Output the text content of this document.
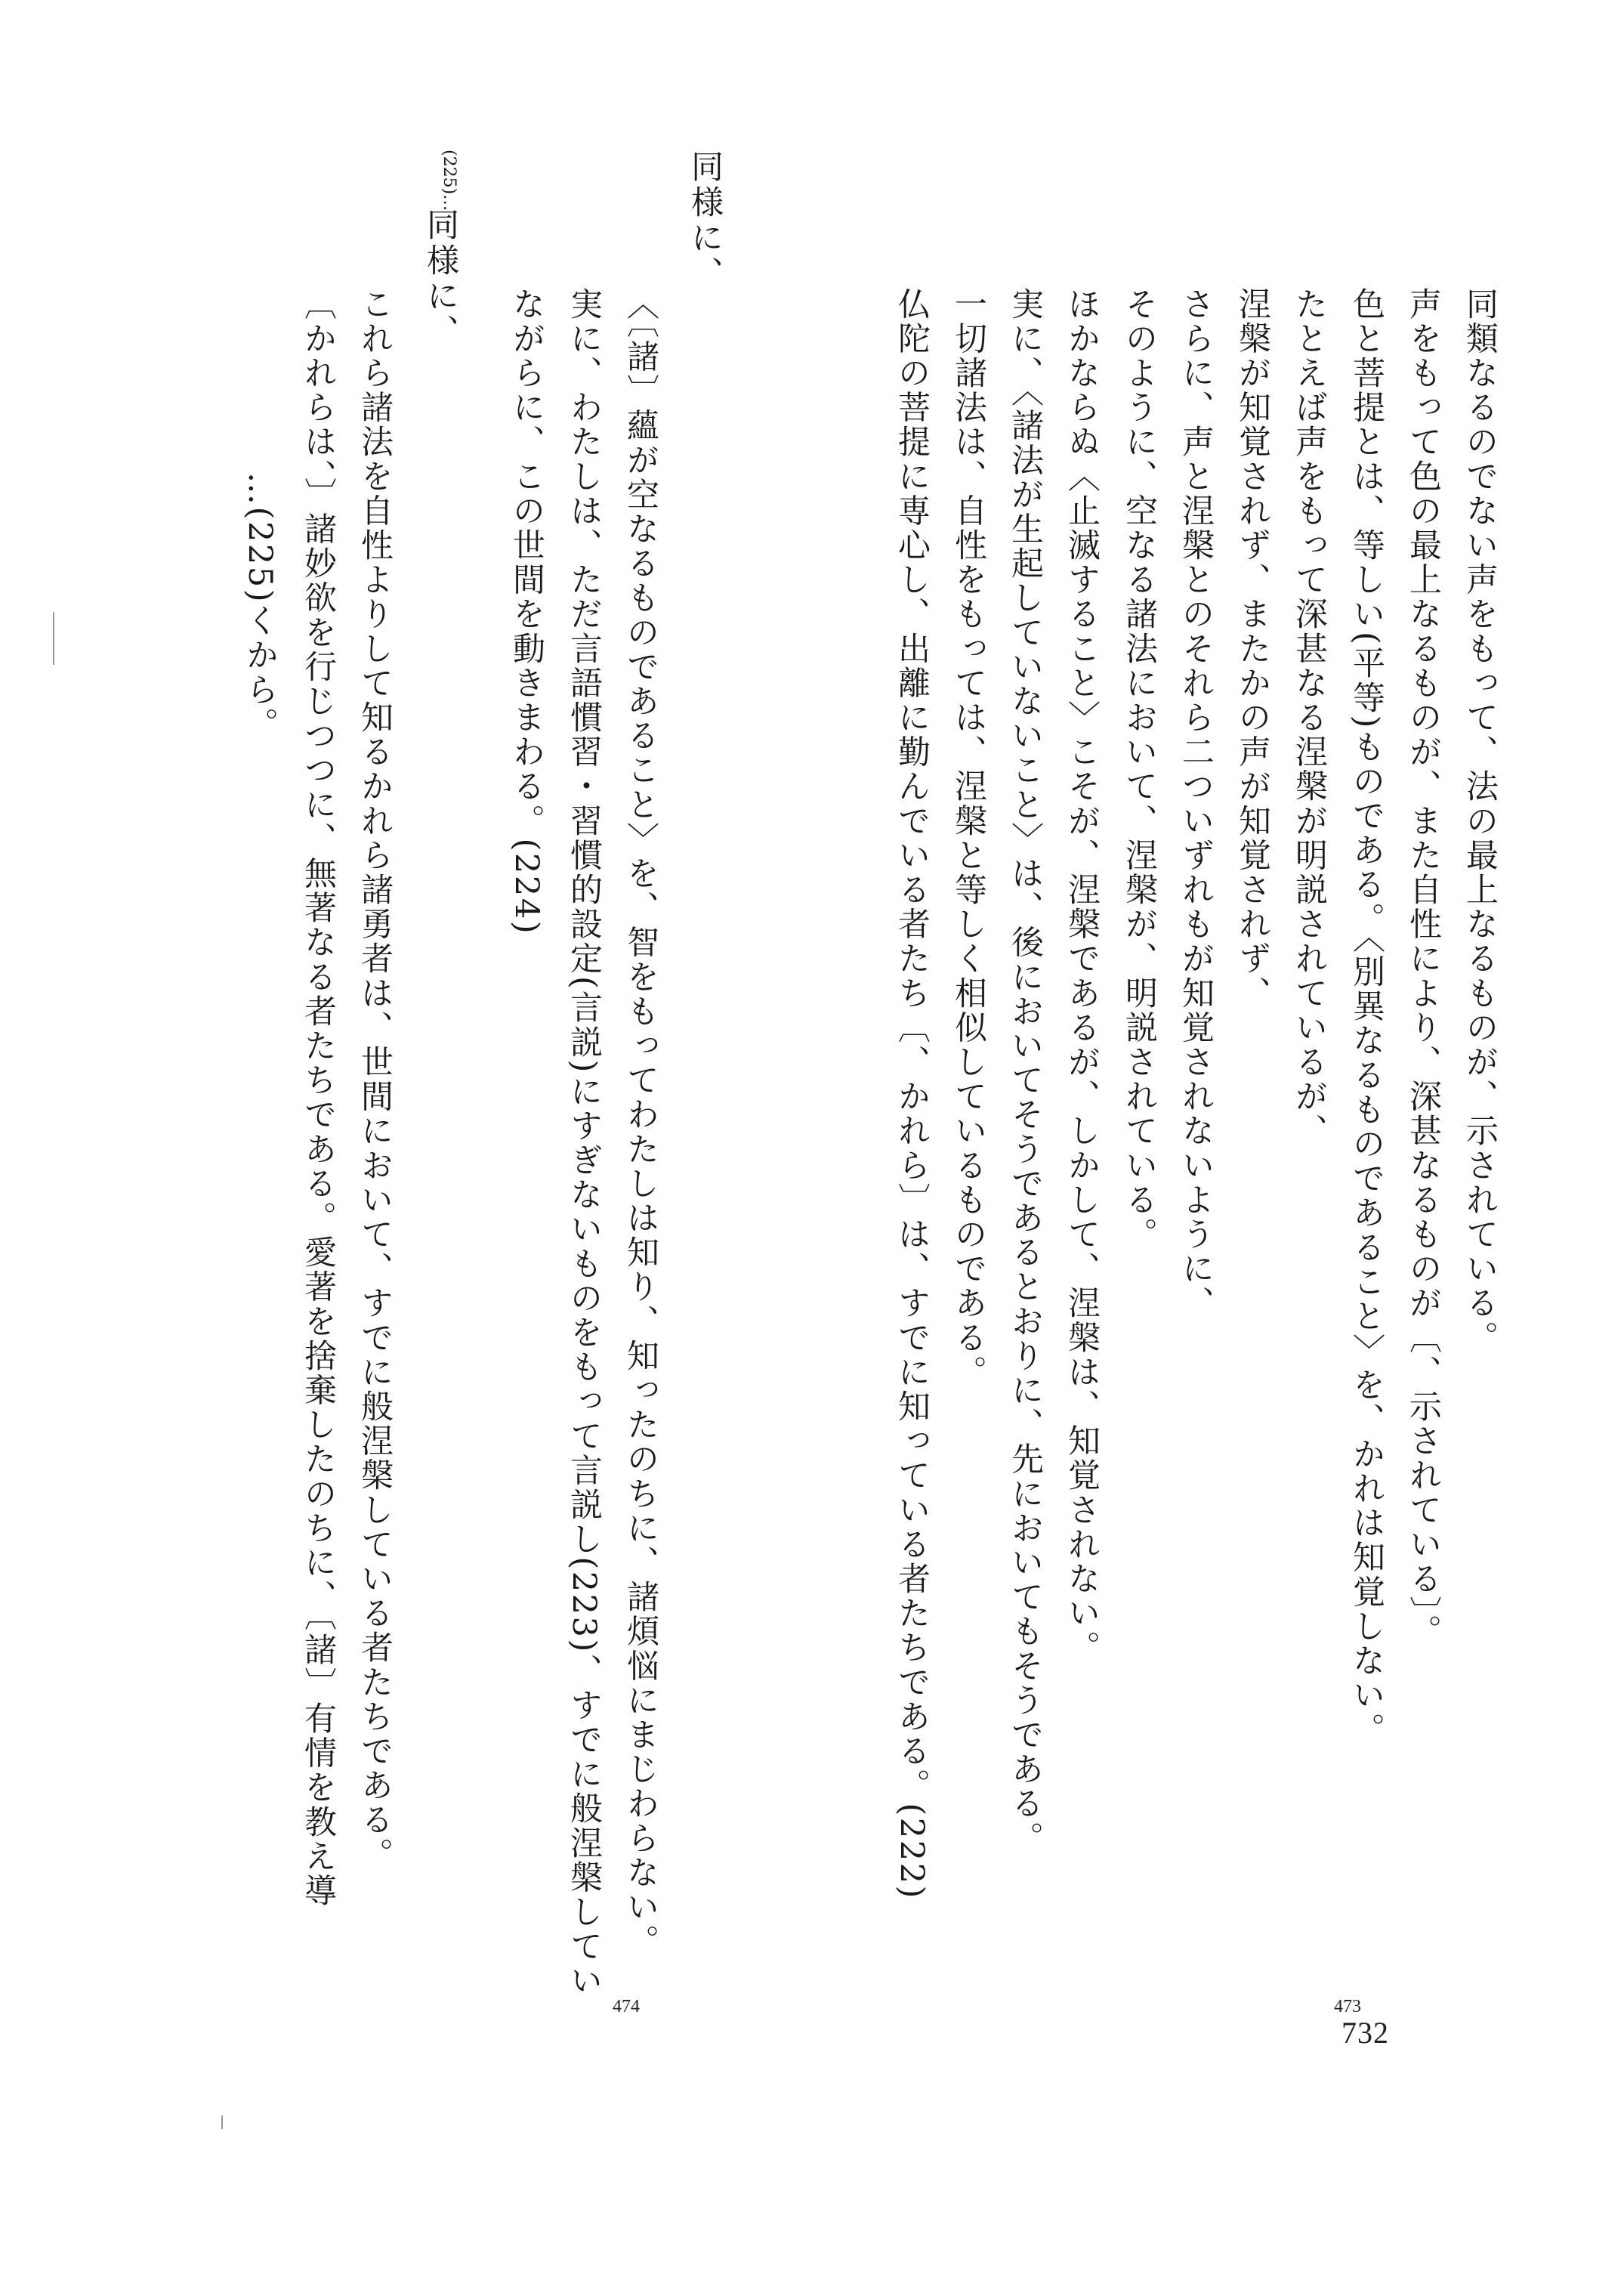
同類なるのでない声をもって、法の最上なるものが、示されている。
声をもって色の最上なるものが、また自性により、深甚なるものが〔、示されている〕。
色と菩提とは、等しい(平等)ものである。〈別異なるものであること〉を、かれは知覚しない。
たとえば声をもって深甚なる涅槃が明説されているが、
涅槃が知覚されず、またかの声が知覚されず、
さらに、声と涅槃とのそれら二ついずれもが知覚されないように、
そのように、空なる諸法において、涅槃が、明説されている。
ほかならぬ〈止滅すること〉こそが、涅槃であるが、しかして、涅槃は、知覚されない。
実に、〈諸法が生起していないこと〉は、後においてそうであるとおりに、先においてもそうである。
一切諸法は、自性をもっては、涅槃と等しく相似しているものである。
仏陀の菩提に専心し、出離に勤んでいる者たち〔、かれら〕は、すでに知っている者たちである。(222)
同様に、
〈〔諸〕蘊が空なるものであること〉を、智をもってわたしは知り、知ったのちに、諸煩悩にまじわらない。
実に、わたしは、ただ言語慣習・習慣的設定(言説)にすぎないものをもって言説し(223)、すでに般涅槃してい
ながらに、この世間を動きまわる。(224)
(225)…
同様に、
これら諸法を自性よりして知るかれら諸勇者は、世間において、すでに般涅槃している者たちである。
〔かれらは、〕諸妙欲を行じつつに、無著なる者たちである。愛著を捨棄したのちに、〔諸〕有情を教え導
…(225)くから。
473
732
474
